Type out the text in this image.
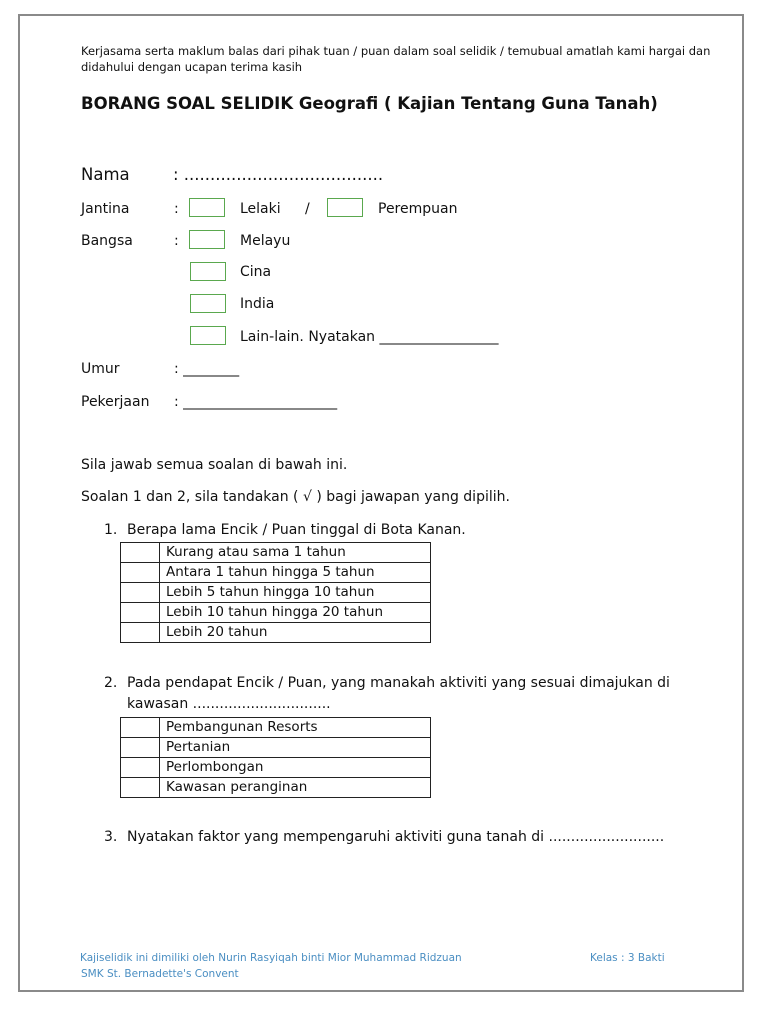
Kerjasama serta maklum balas dari pihak tuan / puan dalam soal selidik / temubual amatlah kami hargai dan didahului dengan ucapan terima kasih
BORANG SOAL SELIDIK Geografi ( Kajian Tentang Guna Tanah)
Nama	: ......................................
Jantina	:	Lelaki /	Perempuan
Bangsa	:	Melayu
Cina
India
Lain-lain. Nyatakan _________________
Umur	: ________
Pekerjaan : ______________________
Sila jawab semua soalan di bawah ini.
Soalan 1 dan 2, sila tandakan ( √ ) bagi jawapan yang dipilih.
1. Berapa lama Encik / Puan tinggal di Bota Kanan.
	Kurang atau sama 1 tahun
	Antara 1 tahun hingga 5 tahun
	Lebih 5 tahun hingga 10 tahun
	Lebih 10 tahun hingga 20 tahun
	Lebih 20 tahun
2. Pada pendapat Encik / Puan, yang manakah aktiviti yang sesuai dimajukan di
kawasan ...............................
	Pembangunan Resorts
	Pertanian
	Perlombongan
	Kawasan peranginan
3. Nyatakan faktor yang mempengaruhi aktiviti guna tanah di ..........................
Kajiselidik ini dimiliki oleh Nurin Rasyiqah binti Mior Muhammad Ridzuan
SMK St. Bernadette's Convent
Kelas : 3 Bakti
